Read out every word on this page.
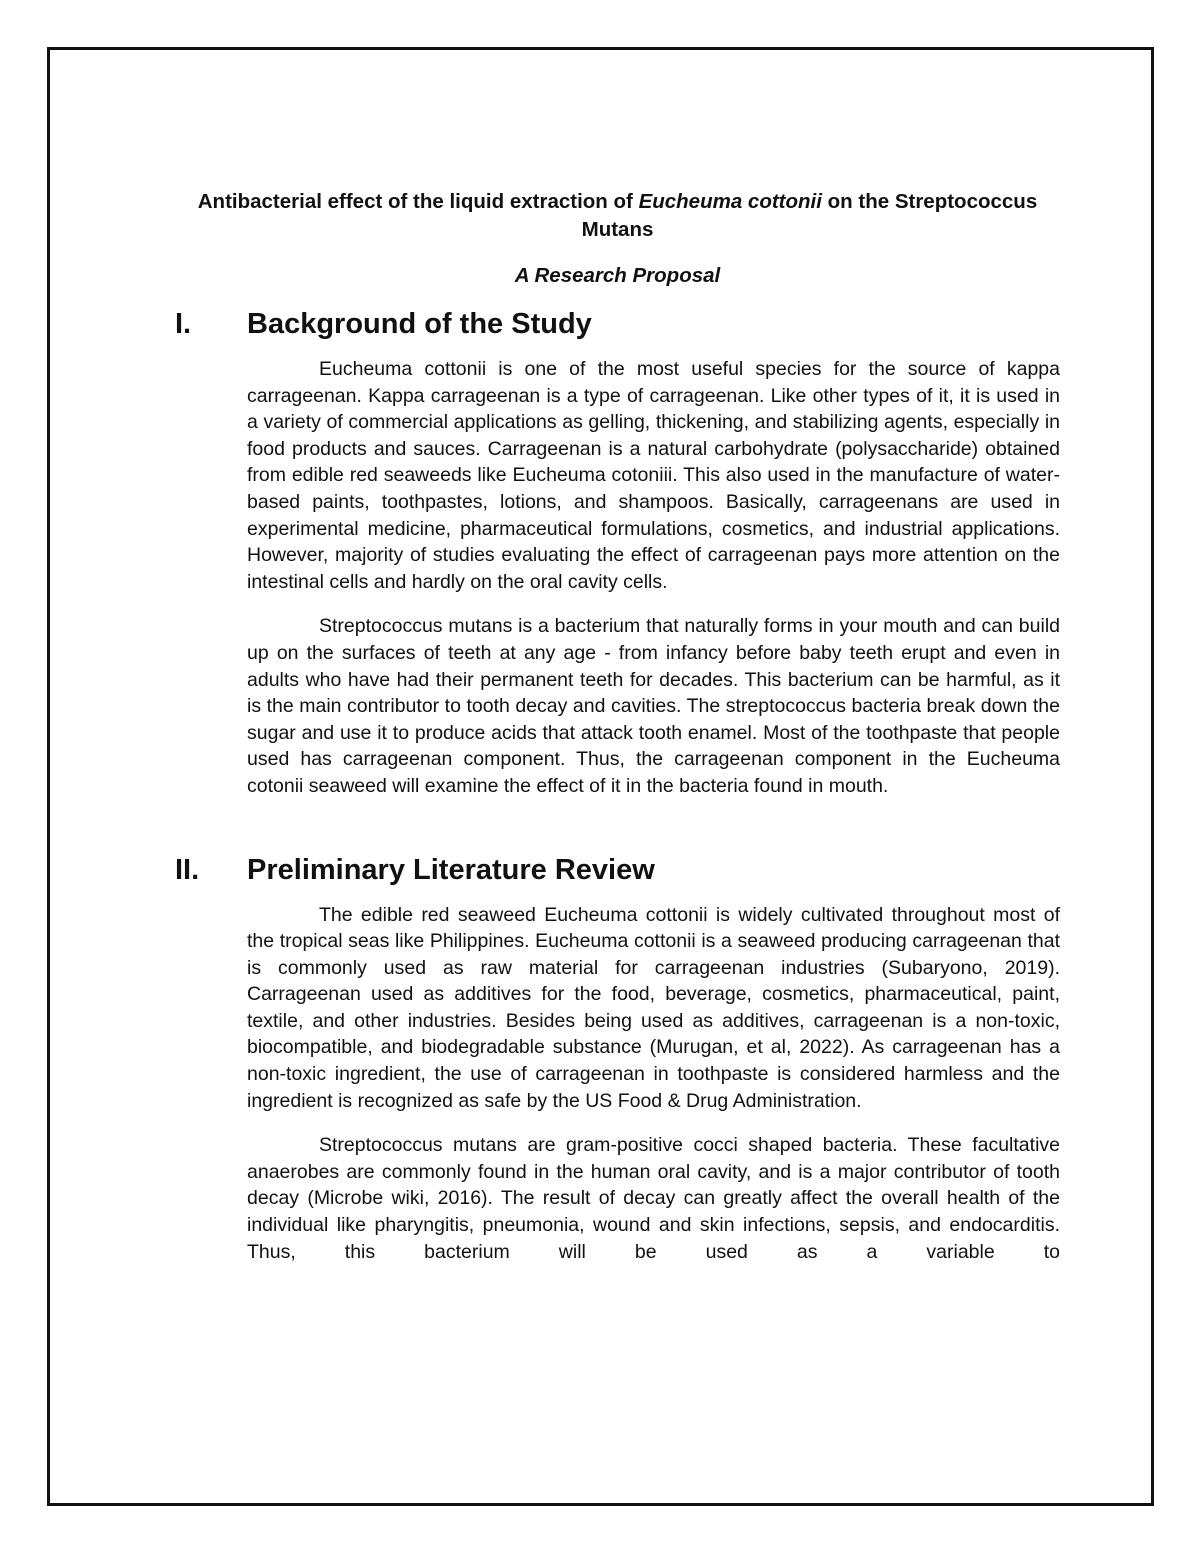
Antibacterial effect of the liquid extraction of Eucheuma cottonii on the Streptococcus Mutans
A Research Proposal
I.	Background of the Study

Eucheuma cottonii is one of the most useful species for the source of kappa carrageenan. Kappa carrageenan is a type of carrageenan. Like other types of it, it is used in a variety of commercial applications as gelling, thickening, and stabilizing agents, especially in food products and sauces. Carrageenan is a natural carbohydrate (polysaccharide) obtained from edible red seaweeds like Eucheuma cotoniii. This also used in the manufacture of water-based paints, toothpastes, lotions, and shampoos. Basically, carrageenans are used in experimental medicine, pharmaceutical formulations, cosmetics, and industrial applications. However, majority of studies evaluating the effect of carrageenan pays more attention on the intestinal cells and hardly on the oral cavity cells.

Streptococcus mutans is a bacterium that naturally forms in your mouth and can build up on the surfaces of teeth at any age - from infancy before baby teeth erupt and even in adults who have had their permanent teeth for decades. This bacterium can be harmful, as it is the main contributor to tooth decay and cavities. The streptococcus bacteria break down the sugar and use it to produce acids that attack tooth enamel. Most of the toothpaste that people used has carrageenan component. Thus, the carrageenan component in the Eucheuma cotonii seaweed will examine the effect of it in the bacteria found in mouth.

II.	Preliminary Literature Review

The edible red seaweed Eucheuma cottonii is widely cultivated throughout most of the tropical seas like Philippines. Eucheuma cottonii is a seaweed producing carrageenan that is commonly used as raw material for carrageenan industries (Subaryono, 2019). Carrageenan used as additives for the food, beverage, cosmetics, pharmaceutical, paint, textile, and other industries. Besides being used as additives, carrageenan is a non-toxic, biocompatible, and biodegradable substance (Murugan, et al, 2022). As carrageenan has a non-toxic ingredient, the use of carrageenan in toothpaste is considered harmless and the ingredient is recognized as safe by the US Food & Drug Administration.

Streptococcus mutans are gram-positive cocci shaped bacteria. These facultative anaerobes are commonly found in the human oral cavity, and is a major contributor of tooth decay (Microbe wiki, 2016). The result of decay can greatly affect the overall health of the individual like pharyngitis, pneumonia, wound and skin infections, sepsis, and endocarditis. Thus, this bacterium will be used as a variable to
